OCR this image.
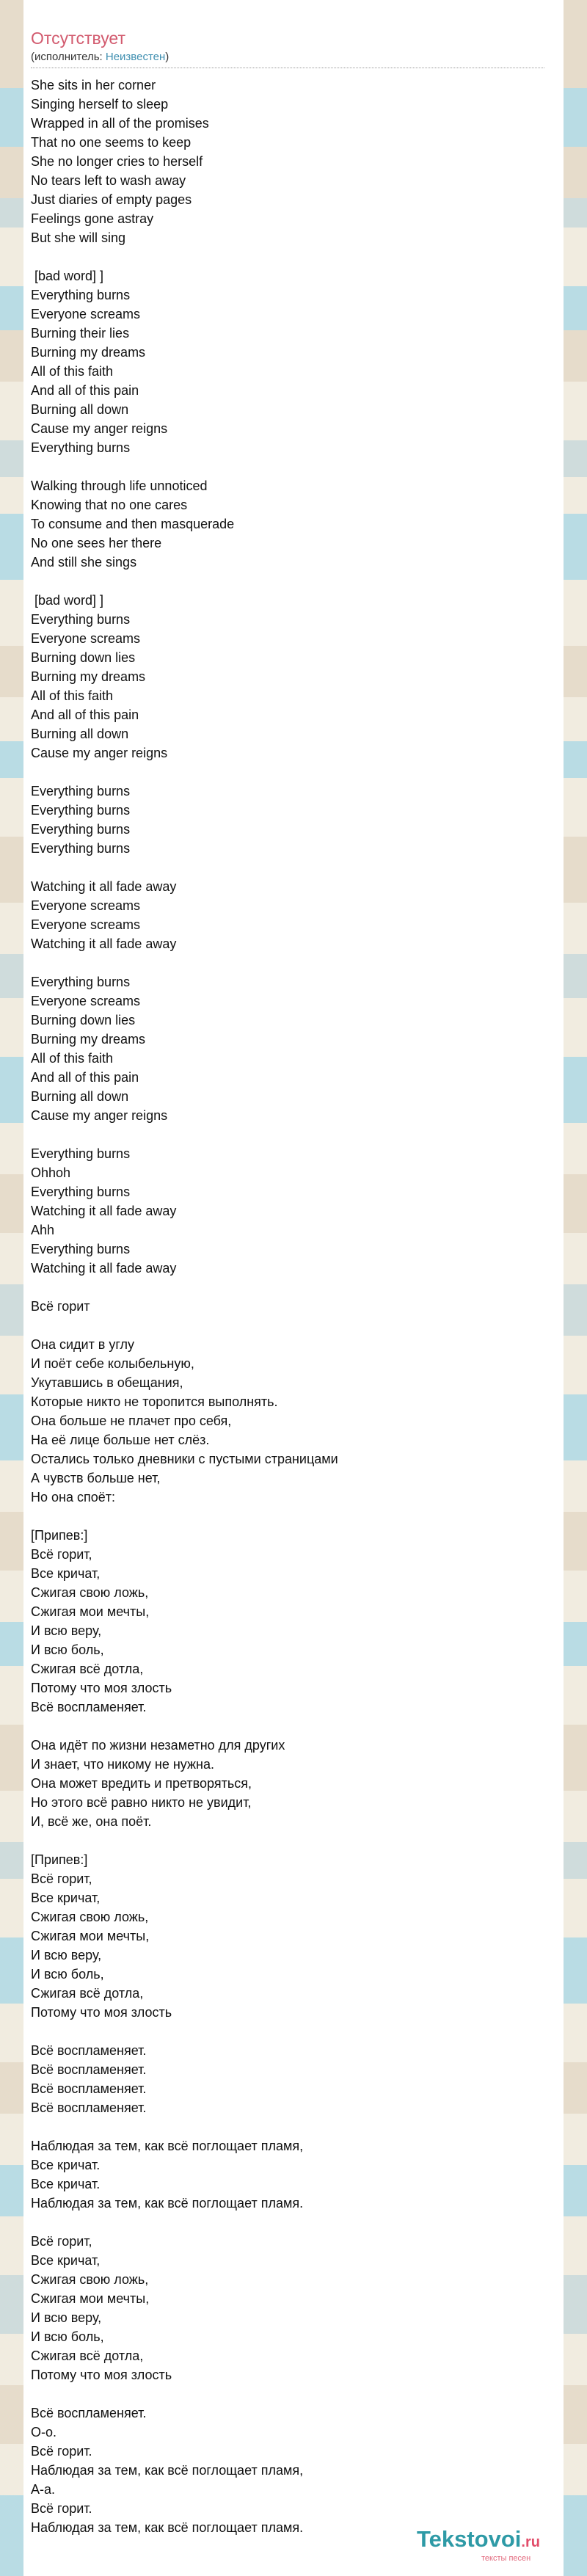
Отсутствует
(исполнитель: Неизвестен)
She sits in her corner
Singing herself to sleep
Wrapped in all of the promises
That no one seems to keep
She no longer cries to herself
No tears left to wash away
Just diaries of empty pages
Feelings gone astray
But she will sing
[bad word] ]
Everything burns
Everyone screams
Burning their lies
Burning my dreams
All of this faith
And all of this pain
Burning all down
Cause my anger reigns
Everything burns
Walking through life unnoticed
Knowing that no one cares
To consume and then masquerade
No one sees her there
And still she sings
[bad word] ]
Everything burns
Everyone screams
Burning down lies
Burning my dreams
All of this faith
And all of this pain
Burning all down
Cause my anger reigns
Everything burns
Everything burns
Everything burns
Everything burns
Watching it all fade away
Everyone screams
Everyone screams
Watching it all fade away
Everything burns
Everyone screams
Burning down lies
Burning my dreams
All of this faith
And all of this pain
Burning all down
Cause my anger reigns
Everything burns
Ohhoh
Everything burns
Watching it all fade away
Ahh
Everything burns
Watching it all fade away
Всё горит
Она сидит в углу
И поёт себе колыбельную,
Укутавшись в обещания,
Которые никто не торопится выполнять.
Она больше не плачет про себя,
На её лице больше нет слёз.
Остались только дневники с пустыми страницами
А чувств больше нет,
Но она споёт:
[Припев:]
Всё горит,
Все кричат,
Сжигая свою ложь,
Сжигая мои мечты,
И всю веру,
И всю боль,
Сжигая всё дотла,
Потому что моя злость
Всё воспламеняет.
Она идёт по жизни незаметно для других
И знает, что никому не нужна.
Она может вредить и претворяться,
Но этого всё равно никто не увидит,
И, всё же, она поёт.
[Припев:]
Всё горит,
Все кричат,
Сжигая свою ложь,
Сжигая мои мечты,
И всю веру,
И всю боль,
Сжигая всё дотла,
Потому что моя злость
Всё воспламеняет.
Всё воспламеняет.
Всё воспламеняет.
Всё воспламеняет.
Наблюдая за тем, как всё поглощает пламя,
Все кричат.
Все кричат.
Наблюдая за тем, как всё поглощает пламя.
Всё горит,
Все кричат,
Сжигая свою ложь,
Сжигая мои мечты,
И всю веру,
И всю боль,
Сжигая всё дотла,
Потому что моя злость
Всё воспламеняет.
О-о.
Всё горит.
Наблюдая за тем, как всё поглощает пламя,
А-а.
Всё горит.
Наблюдая за тем, как всё поглощает пламя.	Tekstovoi.ru
тексты песен
